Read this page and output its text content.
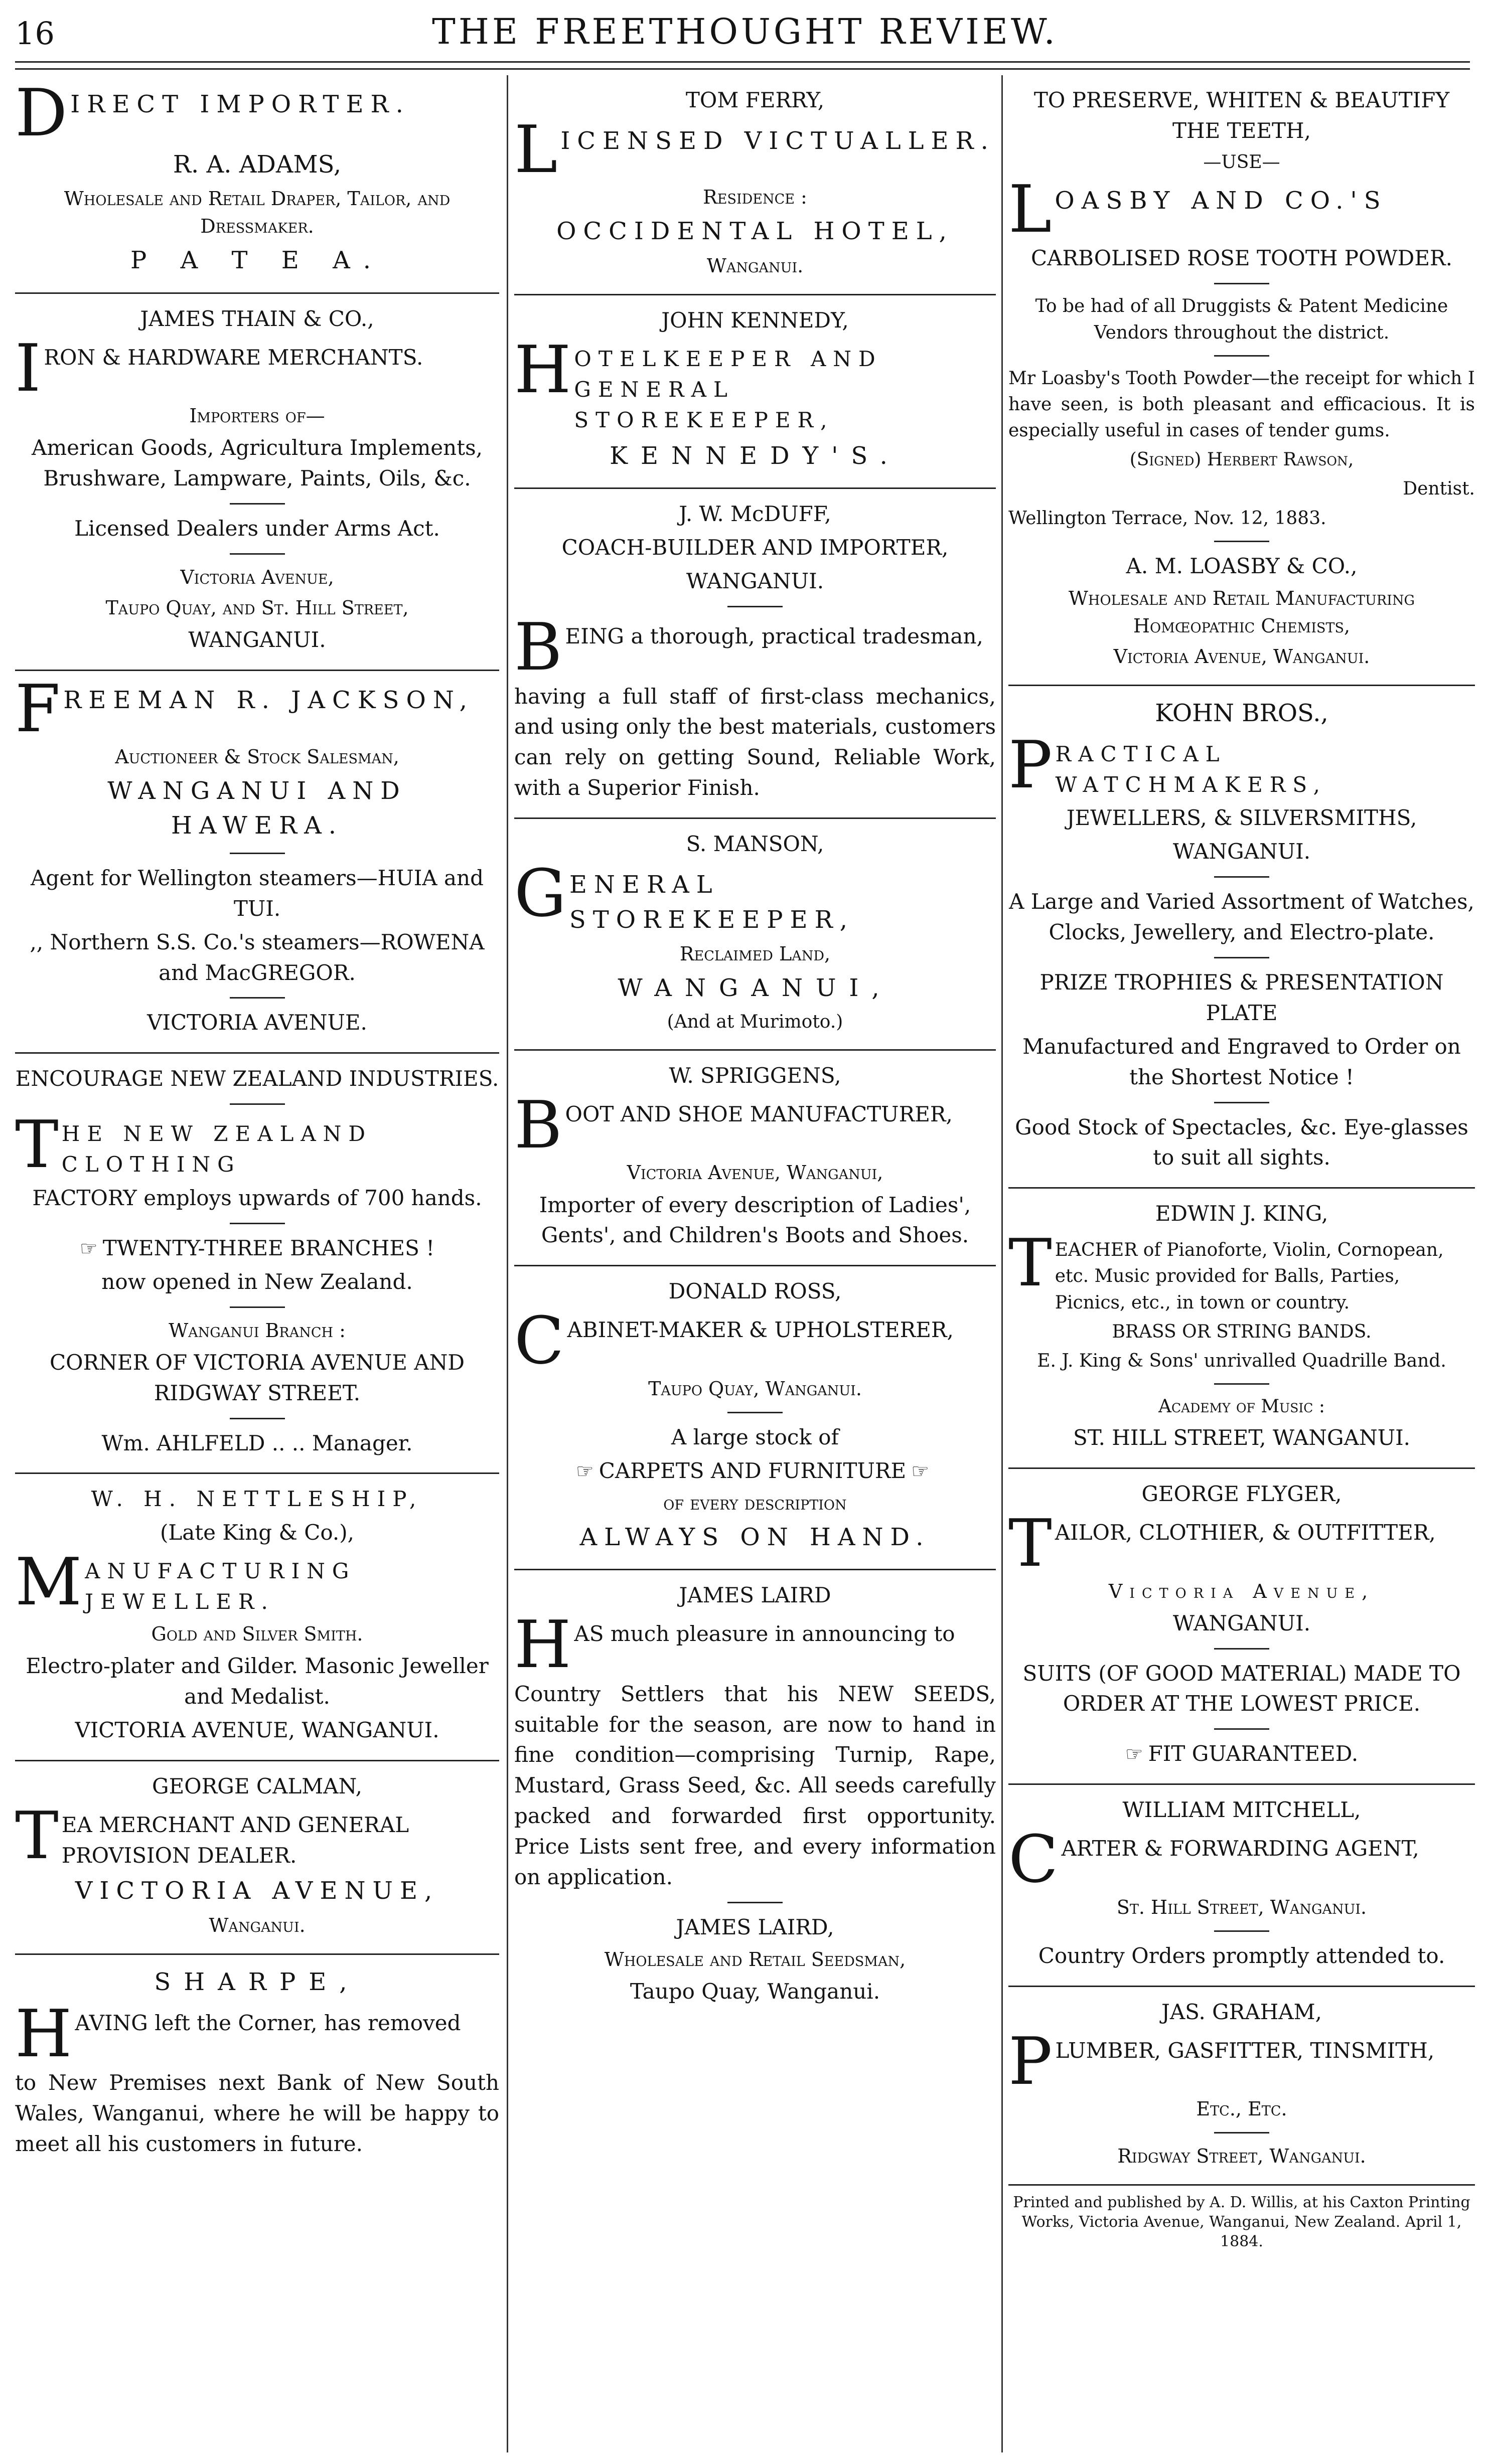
16	THE FREETHOUGHT REVIEW.
D IRECT IMPORTER.
R. A. ADAMS,
Wholesale and Retail Draper, Tailor, and Dressmaker.
P A T E A.
JAMES THAIN & CO.,
I RON & HARDWARE MERCHANTS.
Importers of—
American Goods, Agricultura Implements, Brushware, Lampware, Paints, Oils, &c.
Licensed Dealers under Arms Act.
Victoria Avenue,
Taupo Quay, and St. Hill Street,
WANGANUI.
F REEMAN R. JACKSON,
Auctioneer & Stock Salesman,
WANGANUI AND HAWERA.
Agent for Wellington steamers—HUIA and TUI.
,, Northern S.S. Co.'s steamers—ROWENA and MacGREGOR.
VICTORIA AVENUE.
ENCOURAGE NEW ZEALAND INDUSTRIES.
T HE NEW ZEALAND CLOTHING
FACTORY employs upwards of 700 hands.
☞ TWENTY-THREE BRANCHES !
now opened in New Zealand.
Wanganui Branch :
CORNER OF VICTORIA AVENUE AND RIDGWAY STREET.
Wm. AHLFELD .. .. Manager.
W. H. NETTLESHIP,
(Late King & Co.),
M ANUFACTURING JEWELLER.
Gold and Silver Smith.
Electro-plater and Gilder. Masonic Jeweller and Medalist.
VICTORIA AVENUE, WANGANUI.
GEORGE CALMAN,
T EA MERCHANT AND GENERAL PROVISION DEALER.
VICTORIA AVENUE,
Wanganui.
SHARPE,
H AVING left the Corner, has removed
to New Premises next Bank of New South Wales, Wanganui, where he will be happy to meet all his customers in future.
TOM FERRY,
L ICENSED VICTUALLER.
Residence :
OCCIDENTAL HOTEL,
Wanganui.
JOHN KENNEDY,
H OTELKEEPER AND GENERAL STOREKEEPER,
KENNEDY'S.
J. W. McDUFF,
COACH-BUILDER AND IMPORTER,
WANGANUI.
B EING a thorough, practical tradesman,
having a full staff of first-class mechanics, and using only the best materials, customers can rely on getting Sound, Reliable Work, with a Superior Finish.
S. MANSON,
G ENERAL STOREKEEPER,
Reclaimed Land,
WANGANUI,
(And at Murimoto.)
W. SPRIGGENS,
B OOT AND SHOE MANUFACTURER,
Victoria Avenue, Wanganui,
Importer of every description of Ladies', Gents', and Children's Boots and Shoes.
DONALD ROSS,
C ABINET-MAKER & UPHOLSTERER,
Taupo Quay, Wanganui.
A large stock of
☞ CARPETS AND FURNITURE ☞
of every description
ALWAYS ON HAND.
JAMES LAIRD
H AS much pleasure in announcing to
Country Settlers that his NEW SEEDS, suitable for the season, are now to hand in fine condition—comprising Turnip, Rape, Mustard, Grass Seed, &c. All seeds carefully packed and forwarded first opportunity. Price Lists sent free, and every information on application.
JAMES LAIRD,
Wholesale and Retail Seedsman,
Taupo Quay, Wanganui.
TO PRESERVE, WHITEN & BEAUTIFY THE TEETH,
—USE—
L OASBY AND CO.'S
CARBOLISED ROSE TOOTH POWDER.
To be had of all Druggists & Patent Medicine Vendors throughout the district.
Mr Loasby's Tooth Powder—the receipt for which I have seen, is both pleasant and efficacious. It is especially useful in cases of tender gums.
(Signed) Herbert Rawson,
Dentist.
Wellington Terrace, Nov. 12, 1883.
A. M. LOASBY & CO.,
Wholesale and Retail Manufacturing Homœopathic Chemists,
Victoria Avenue, Wanganui.
KOHN BROS.,
P RACTICAL WATCHMAKERS,
JEWELLERS, & SILVERSMITHS,
WANGANUI.
A Large and Varied Assortment of Watches, Clocks, Jewellery, and Electro-plate.
PRIZE TROPHIES & PRESENTATION PLATE
Manufactured and Engraved to Order on the Shortest Notice !
Good Stock of Spectacles, &c. Eye-glasses to suit all sights.
EDWIN J. KING,
T EACHER of Pianoforte, Violin, Cornopean, etc. Music provided for Balls, Parties, Picnics, etc., in town or country.
BRASS OR STRING BANDS.
E. J. King & Sons' unrivalled Quadrille Band.
Academy of Music :
ST. HILL STREET, WANGANUI.
GEORGE FLYGER,
T AILOR, CLOTHIER, & OUTFITTER,
Victoria Avenue,
WANGANUI.
SUITS (OF GOOD MATERIAL) MADE TO ORDER AT THE LOWEST PRICE.
☞ FIT GUARANTEED.
WILLIAM MITCHELL,
C ARTER & FORWARDING AGENT,
St. Hill Street, Wanganui.
Country Orders promptly attended to.
JAS. GRAHAM,
P LUMBER, GASFITTER, TINSMITH,
Etc., Etc.
Ridgway Street, Wanganui.
Printed and published by A. D. Willis, at his Caxton Printing Works, Victoria Avenue, Wanganui, New Zealand. April 1, 1884.
